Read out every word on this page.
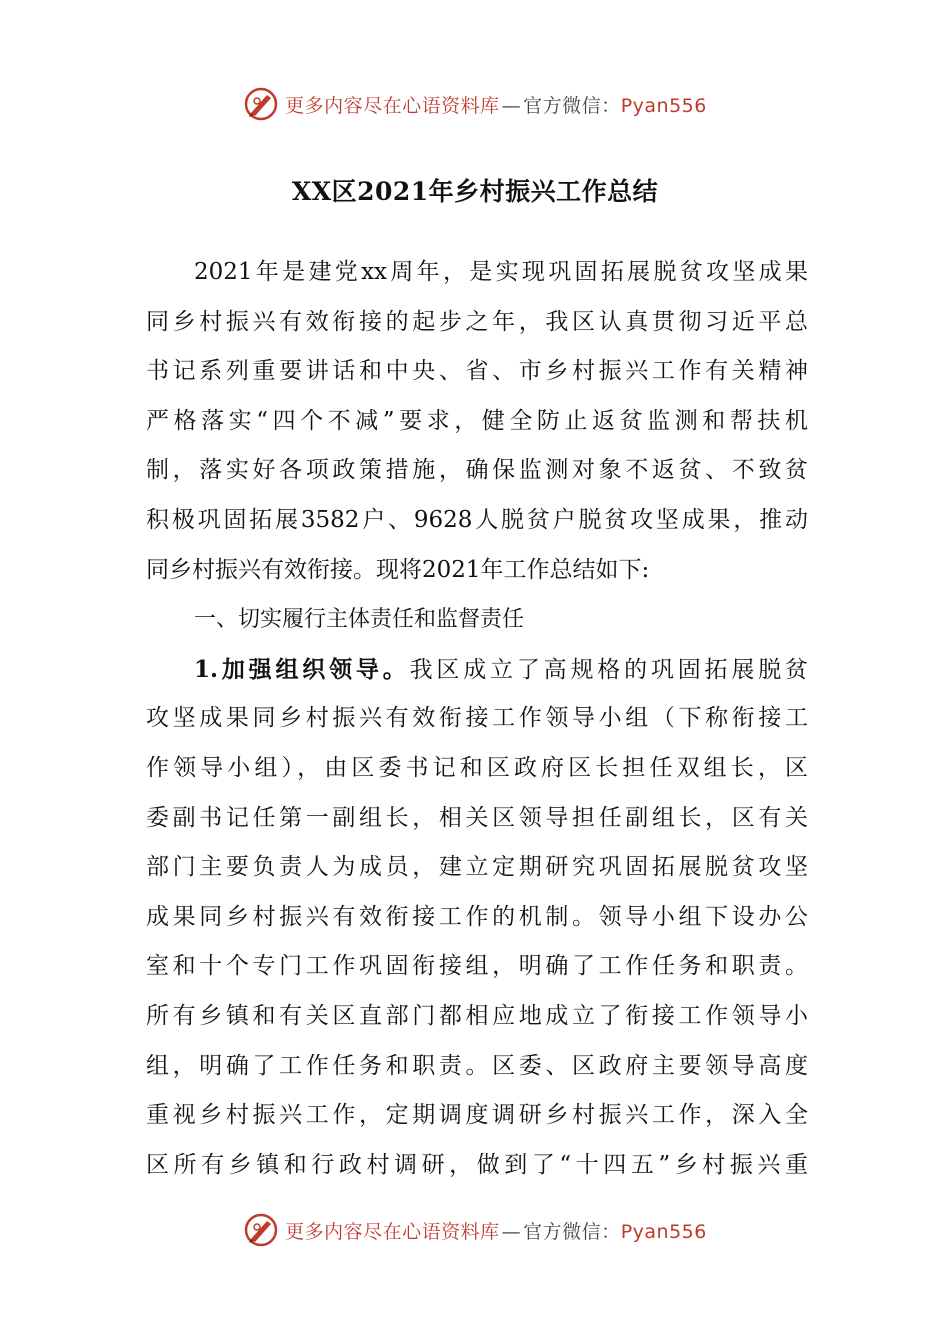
更多内容尽在心语资料库 — 官方微信：Pyan556
XX区2021年乡村振兴工作总结
2021年是建党xx周年，是实现巩固拓展脱贫攻坚成果
同乡村振兴有效衔接的起步之年，我区认真贯彻习近平总
书记系列重要讲话和中央、省、市乡村振兴工作有关精神
严格落实“四个不减”要求，健全防止返贫监测和帮扶机
制，落实好各项政策措施，确保监测对象不返贫、不致贫
积极巩固拓展3582户、9628人脱贫户脱贫攻坚成果，推动
同乡村振兴有效衔接。现将2021年工作总结如下:
一、切实履行主体责任和监督责任
1.加强组织领导。我区成立了高规格的巩固拓展脱贫
攻坚成果同乡村振兴有效衔接工作领导小组（下称衔接工
作领导小组），由区委书记和区政府区长担任双组长，区
委副书记任第一副组长，相关区领导担任副组长，区有关
部门主要负责人为成员，建立定期研究巩固拓展脱贫攻坚
成果同乡村振兴有效衔接工作的机制。领导小组下设办公
室和十个专门工作巩固衔接组，明确了工作任务和职责。
所有乡镇和有关区直部门都相应地成立了衔接工作领导小
组，明确了工作任务和职责。区委、区政府主要领导高度
重视乡村振兴工作，定期调度调研乡村振兴工作，深入全
区所有乡镇和行政村调研，做到了“十四五”乡村振兴重
更多内容尽在心语资料库 — 官方微信：Pyan556
